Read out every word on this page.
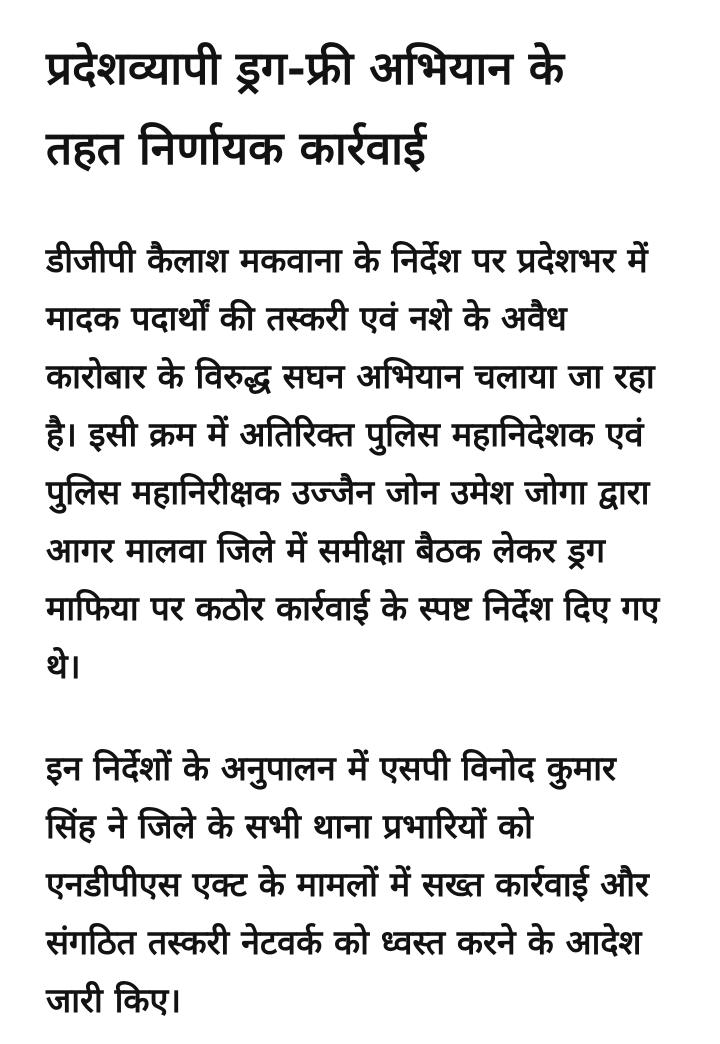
प्रदेशव्यापी ड्रग-फ्री अभियान के
तहत निर्णायक कार्रवाई

डीजीपी कैलाश मकवाना के निर्देश पर प्रदेशभर में
मादक पदार्थों की तस्करी एवं नशे के अवैध
कारोबार के विरुद्ध सघन अभियान चलाया जा रहा
है। इसी क्रम में अतिरिक्त पुलिस महानिदेशक एवं
पुलिस महानिरीक्षक उज्जैन जोन उमेश जोगा द्वारा
आगर मालवा जिले में समीक्षा बैठक लेकर ड्रग
माफिया पर कठोर कार्रवाई के स्पष्ट निर्देश दिए गए
थे।

इन निर्देशों के अनुपालन में एसपी विनोद कुमार
सिंह ने जिले के सभी थाना प्रभारियों को
एनडीपीएस एक्ट के मामलों में सख्त कार्रवाई और
संगठित तस्करी नेटवर्क को ध्वस्त करने के आदेश
जारी किए।
